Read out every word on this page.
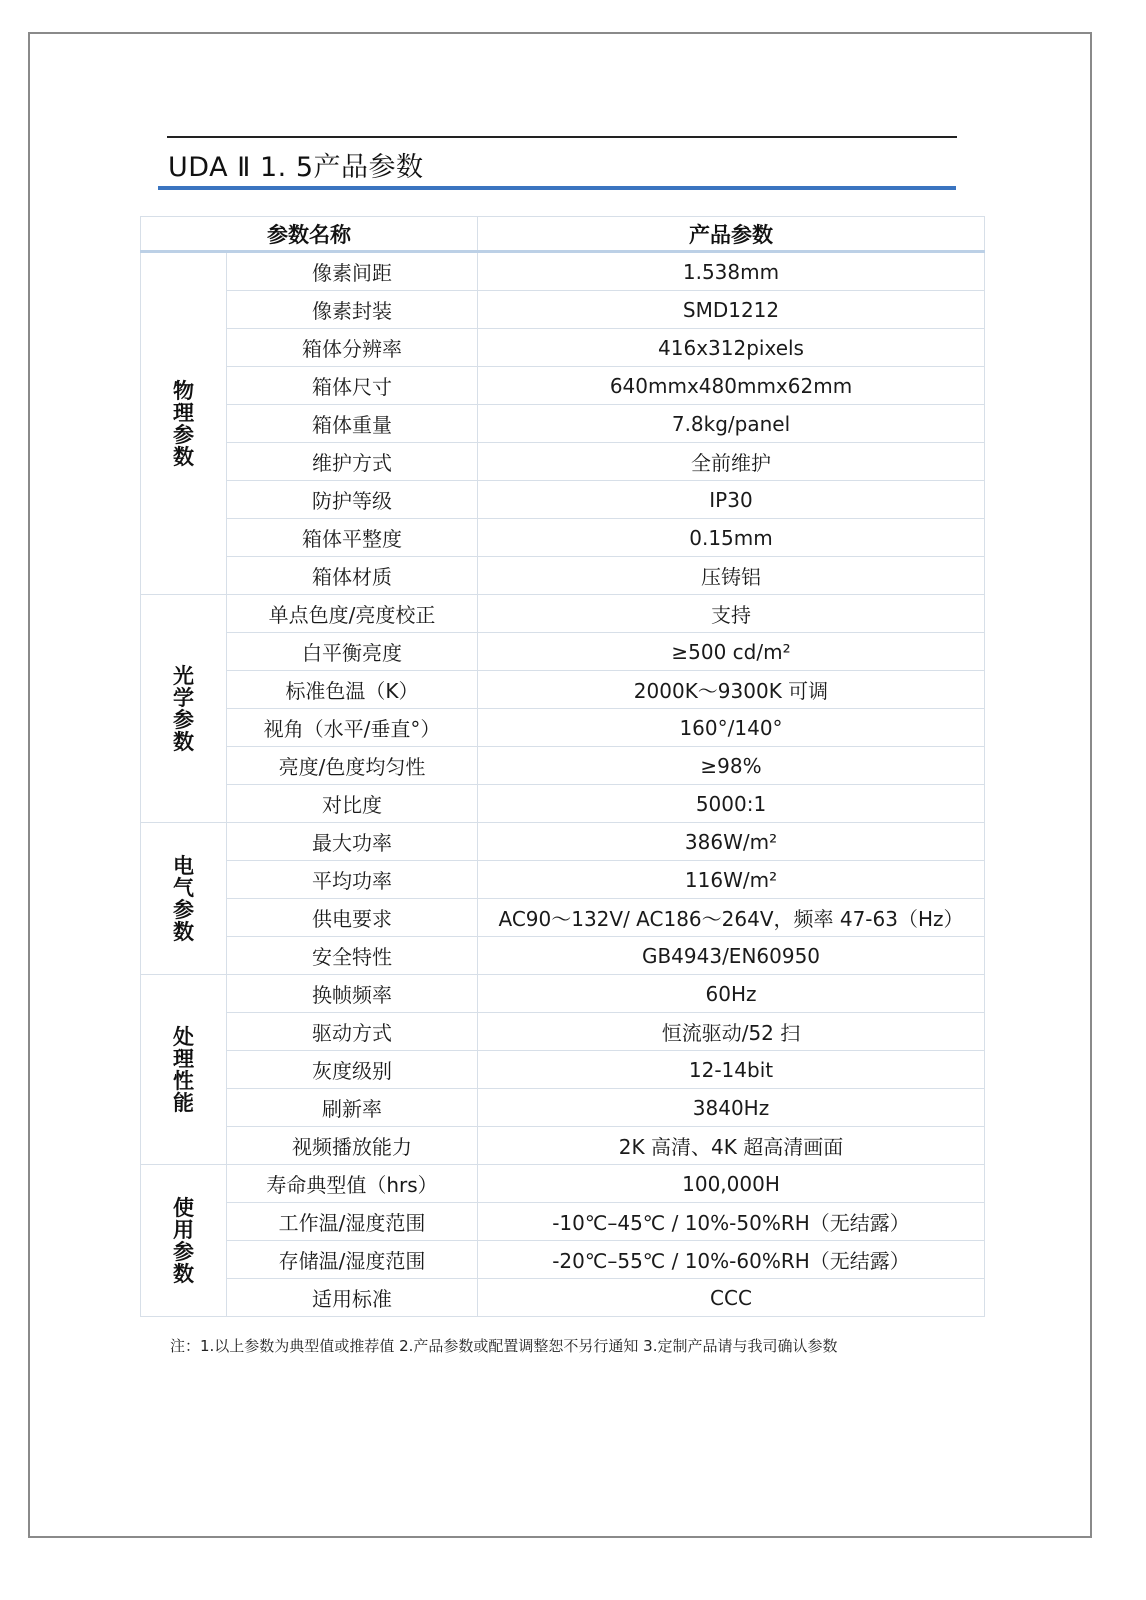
UDA Ⅱ 1. 5产品参数
参数名称		产品参数
物理参数	像素间距	1.538mm
	像素封装	SMD1212
	箱体分辨率	416x312pixels
	箱体尺寸	640mmx480mmx62mm
	箱体重量	7.8kg/panel
	维护方式	全前维护
	防护等级	IP30
	箱体平整度	0.15mm
	箱体材质	压铸铝
光学参数	单点色度/亮度校正	支持
	白平衡亮度	≥500 cd/m²
	标准色温（K）	2000K～9300K 可调
	视角（水平/垂直°）	160°/140°
	亮度/色度均匀性	≥98%
	对比度	5000:1
电气参数	最大功率	386W/m²
	平均功率	116W/m²
	供电要求	AC90～132V/ AC186～264V，频率 47-63（Hz）
	安全特性	GB4943/EN60950
处理性能	换帧频率	60Hz
	驱动方式	恒流驱动/52 扫
	灰度级别	12-14bit
	刷新率	3840Hz
	视频播放能力	2K 高清、4K 超高清画面
使用参数	寿命典型值（hrs）	100,000H
	工作温/湿度范围	-10℃–45℃ / 10%-50%RH（无结露）
	存储温/湿度范围	-20℃–55℃ / 10%-60%RH（无结露）
	适用标准	CCC
注：1.以上参数为典型值或推荐值 2.产品参数或配置调整恕不另行通知 3.定制产品请与我司确认参数
